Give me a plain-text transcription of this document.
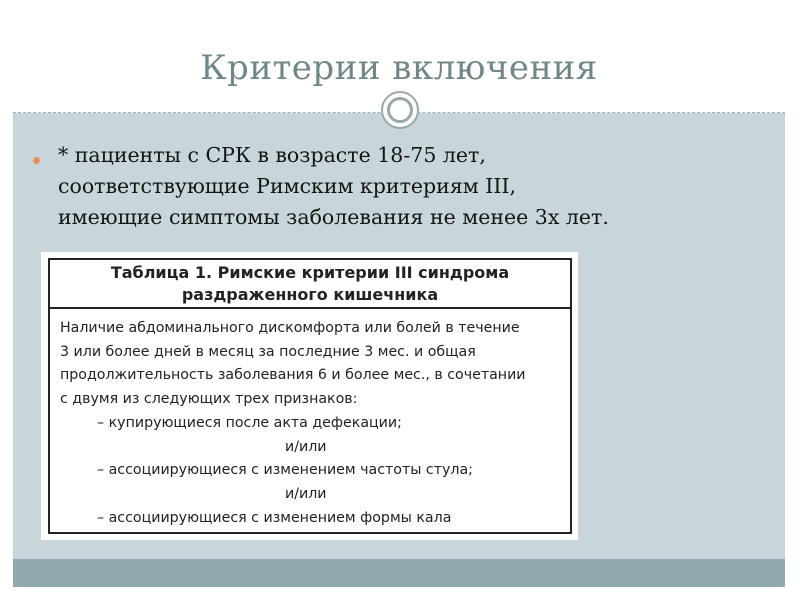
Критерии включения
* пациенты с СРК в возрасте 18-75 лет,
соответствующие Римским критериям III,
имеющие симптомы заболевания не менее 3х лет.
Таблица 1. Римские критерии III синдрома
раздраженного кишечника
Наличие абдоминального дискомфорта или болей в течение
3 или более дней в месяц за последние 3 мес. и общая
продолжительность заболевания 6 и более мес., в сочетании
с двумя из следующих трех признаков:
– купирующиеся после акта дефекации;
и/или
– ассоциирующиеся с изменением частоты стула;
и/или
– ассоциирующиеся с изменением формы кала
